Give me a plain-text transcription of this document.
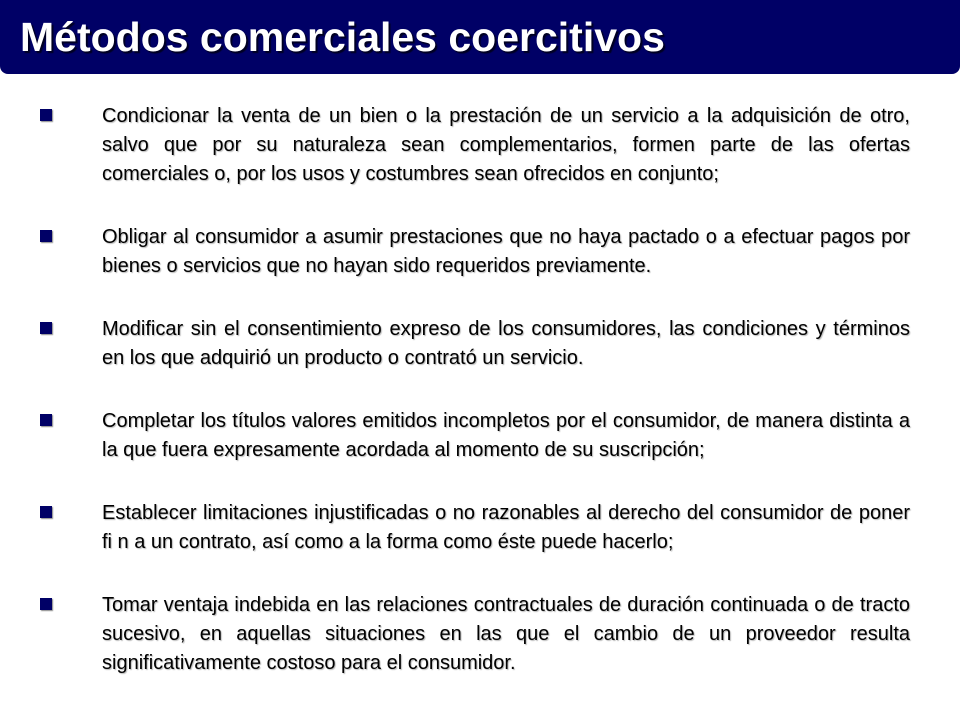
Métodos comerciales coercitivos
Condicionar la venta de un bien o la prestación de un servicio a la adquisición de otro, salvo que por su naturaleza sean complementarios, formen parte de las ofertas comerciales o, por los usos y costumbres sean ofrecidos en conjunto;
Obligar al consumidor a asumir prestaciones que no haya pactado o a efectuar pagos por bienes o servicios que no hayan sido requeridos previamente.
Modificar sin el consentimiento expreso de los consumidores, las condiciones y términos en los que adquirió un producto o contrató un servicio.
Completar los títulos valores emitidos incompletos por el consumidor, de manera distinta a la que fuera expresamente acordada al momento de su suscripción;
Establecer limitaciones injustificadas o no razonables al derecho del consumidor de poner fi n a un contrato, así como a la forma como éste puede hacerlo;
Tomar ventaja indebida en las relaciones contractuales de duración continuada o de tracto sucesivo, en aquellas situaciones en las que el cambio de un proveedor resulta significativamente costoso para el consumidor.
